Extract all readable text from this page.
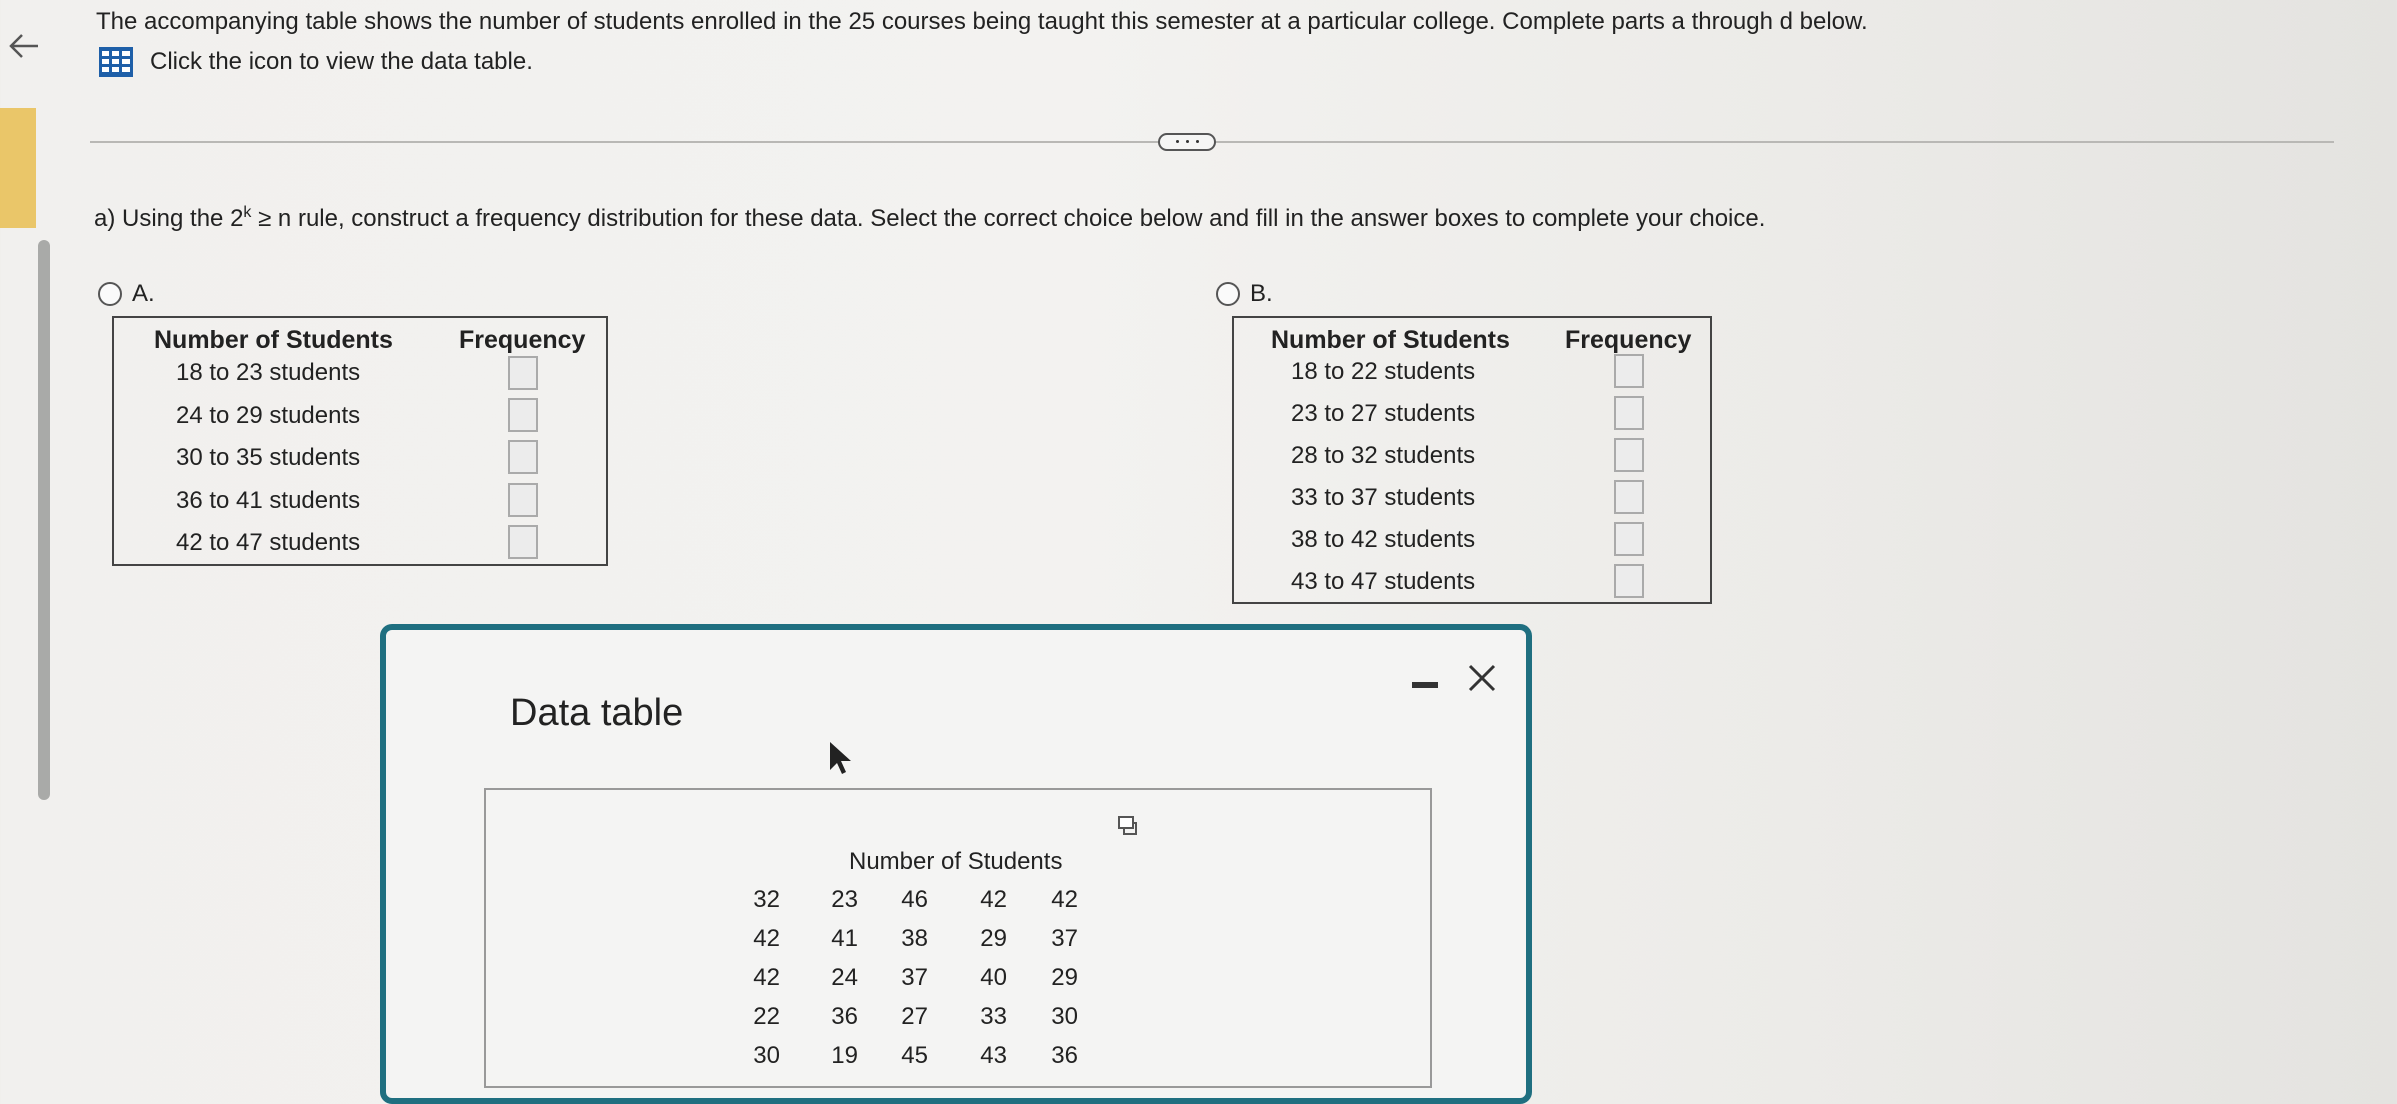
The accompanying table shows the number of students enrolled in the 25 courses being taught this semester at a particular college. Complete parts a through d below.
Click the icon to view the data table.
a) Using the $2^k \ge n$ rule, construct a frequency distribution for these data. Select the correct choice below and fill in the answer boxes to complete your choice.
A.
Number of Students	Frequency
18 to 23 students
24 to 29 students
30 to 35 students
36 to 41 students
42 to 47 students
B.
Number of Students Frequency
18 to 22 students
23 to 27 students
28 to 32 students
33 to 37 students
38 to 42 students
43 to 47 students
Data table
Number of Students
32	23	46	42	42
42	41	38	29	37
42	24	37	40	29
22	36	27	33	30
30	19	45	43	36
